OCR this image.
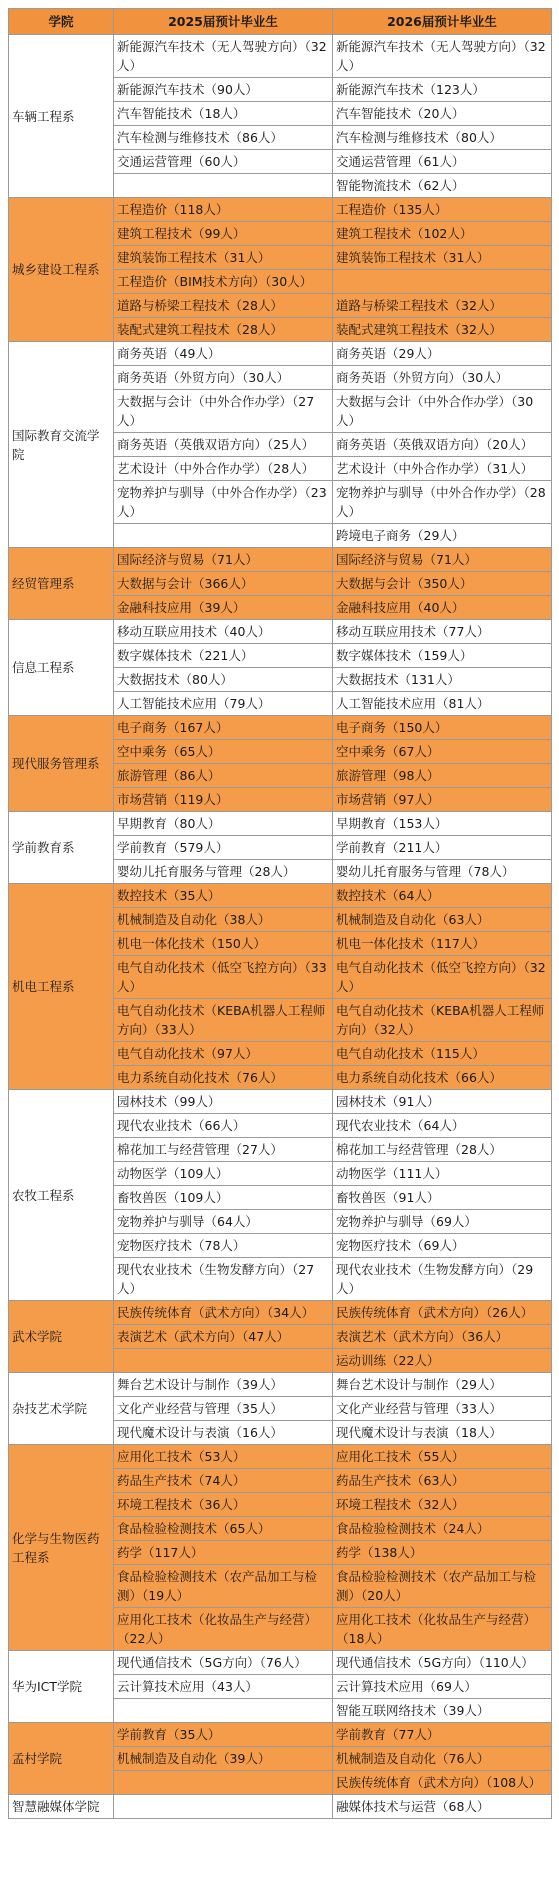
学院	2025届预计毕业生	2026届预计毕业生
车辆工程系	新能源汽车技术（无人驾驶方向）（32人）	新能源汽车技术（无人驾驶方向）（32人）
	新能源汽车技术（90人）	新能源汽车技术（123人）
	汽车智能技术（18人）	汽车智能技术（20人）
	汽车检测与维修技术（86人）	汽车检测与维修技术（80人）
	交通运营管理（60人）	交通运营管理（61人）
		智能物流技术（62人）
城乡建设工程系	工程造价（118人）	工程造价（135人）
	建筑工程技术（99人）	建筑工程技术（102人）
	建筑装饰工程技术（31人）	建筑装饰工程技术（31人）
	工程造价（BIM技术方向）（30人）	
	道路与桥梁工程技术（28人）	道路与桥梁工程技术（32人）
	装配式建筑工程技术（28人）	装配式建筑工程技术（32人）
国际教育交流学院	商务英语（49人）	商务英语（29人）
	商务英语（外贸方向）（30人）	商务英语（外贸方向）（30人）
	大数据与会计（中外合作办学）（27人）	大数据与会计（中外合作办学）（30人）
	商务英语（英俄双语方向）（25人）	商务英语（英俄双语方向）（20人）
	艺术设计（中外合作办学）（28人）	艺术设计（中外合作办学）（31人）
	宠物养护与驯导（中外合作办学）（23人）	宠物养护与驯导（中外合作办学）（28人）
		跨境电子商务（29人）
经贸管理系	国际经济与贸易（71人）	国际经济与贸易（71人）
	大数据与会计（366人）	大数据与会计（350人）
	金融科技应用（39人）	金融科技应用（40人）
信息工程系	移动互联应用技术（40人）	移动互联应用技术（77人）
	数字媒体技术（221人）	数字媒体技术（159人）
	大数据技术（80人）	大数据技术（131人）
	人工智能技术应用（79人）	人工智能技术应用（81人）
现代服务管理系	电子商务（167人）	电子商务（150人）
	空中乘务（65人）	空中乘务（67人）
	旅游管理（86人）	旅游管理（98人）
	市场营销（119人）	市场营销（97人）
学前教育系	早期教育（80人）	早期教育（153人）
	学前教育（579人）	学前教育（211人）
	婴幼儿托育服务与管理（28人）	婴幼儿托育服务与管理（78人）
机电工程系	数控技术（35人）	数控技术（64人）
	机械制造及自动化（38人）	机械制造及自动化（63人）
	机电一体化技术（150人）	机电一体化技术（117人）
	电气自动化技术（低空飞控方向）（33人）	电气自动化技术（低空飞控方向）（32人）
	电气自动化技术（KEBA机器人工程师方向）（33人）	电气自动化技术（KEBA机器人工程师方向）（32人）
	电气自动化技术（97人）	电气自动化技术（115人）
	电力系统自动化技术（76人）	电力系统自动化技术（66人）
农牧工程系	园林技术（99人）	园林技术（91人）
	现代农业技术（66人）	现代农业技术（64人）
	棉花加工与经营管理（27人）	棉花加工与经营管理（28人）
	动物医学（109人）	动物医学（111人）
	畜牧兽医（109人）	畜牧兽医（91人）
	宠物养护与驯导（64人）	宠物养护与驯导（69人）
	宠物医疗技术（78人）	宠物医疗技术（69人）
	现代农业技术（生物发酵方向）（27人）	现代农业技术（生物发酵方向）（29人）
武术学院	民族传统体育（武术方向）（34人）	民族传统体育（武术方向）（26人）
	表演艺术（武术方向）（47人）	表演艺术（武术方向）（36人）
		运动训练（22人）
杂技艺术学院	舞台艺术设计与制作（39人）	舞台艺术设计与制作（29人）
	文化产业经营与管理（35人）	文化产业经营与管理（33人）
	现代魔术设计与表演（16人）	现代魔术设计与表演（18人）
化学与生物医药工程系	应用化工技术（53人）	应用化工技术（55人）
	药品生产技术（74人）	药品生产技术（63人）
	环境工程技术（36人）	环境工程技术（32人）
	食品检验检测技术（65人）	食品检验检测技术（24人）
	药学（117人）	药学（138人）
	食品检验检测技术（农产品加工与检测）（19人）	食品检验检测技术（农产品加工与检测）（20人）
	应用化工技术（化妆品生产与经营）（22人）	应用化工技术（化妆品生产与经营）（18人）
华为ICT学院	现代通信技术（5G方向）（76人）	现代通信技术（5G方向）（110人）
	云计算技术应用（43人）	云计算技术应用（69人）
		智能互联网络技术（39人）
孟村学院	学前教育（35人）	学前教育（77人）
	机械制造及自动化（39人）	机械制造及自动化（76人）
		民族传统体育（武术方向）（108人）
智慧融媒体学院		融媒体技术与运营（68人）
